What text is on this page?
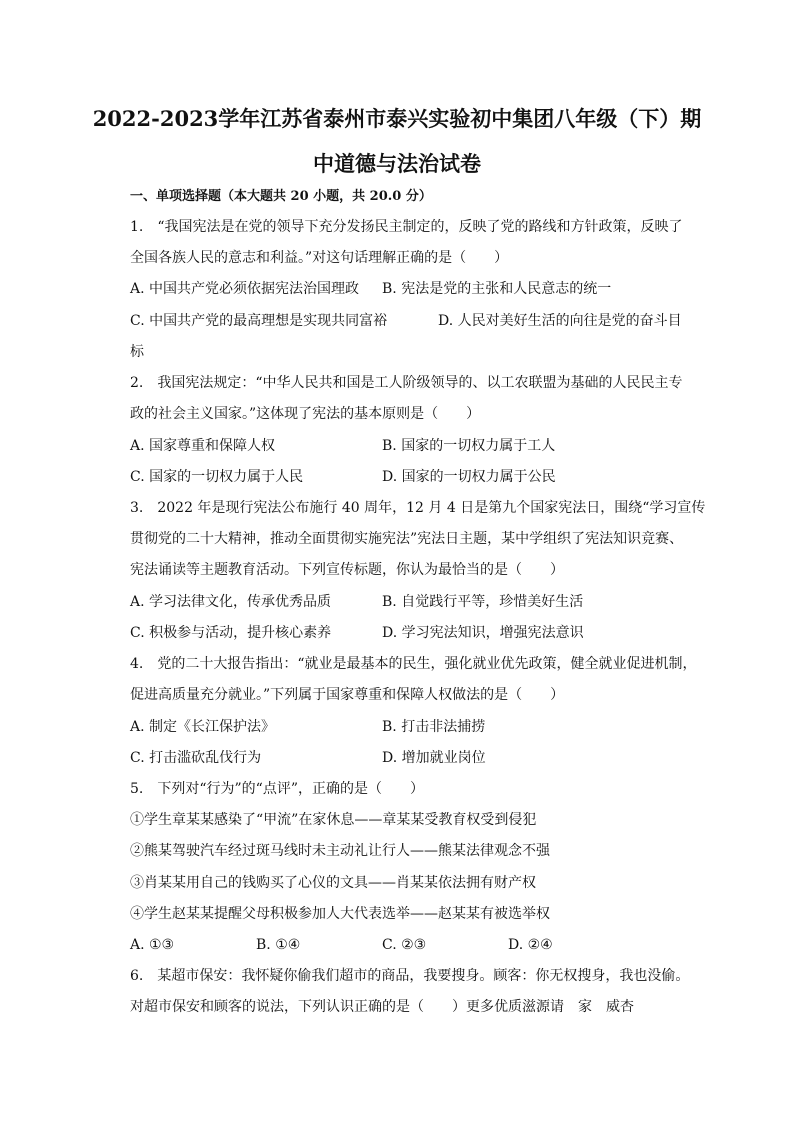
2022-2023学年江苏省泰州市泰兴实验初中集团八年级（下）期
中道德与法治试卷
一、单项选择题（本大题共 20 小题，共 20.0 分）
1.　“我国宪法是在党的领导下充分发扬民主制定的，反映了党的路线和方针政策，反映了
全国各族人民的意志和利益。”对这句话理解正确的是（　　）
A. 中国共产党必须依据宪法治国理政 B. 宪法是党的主张和人民意志的统一
C. 中国共产党的最高理想是实现共同富裕	D. 人民对美好生活的向往是党的奋斗目
标
2.　我国宪法规定：“中华人民共和国是工人阶级领导的、以工农联盟为基础的人民民主专
政的社会主义国家。”这体现了宪法的基本原则是（　　）
A. 国家尊重和保障人权	B. 国家的一切权力属于工人
C. 国家的一切权力属于人民	D. 国家的一切权力属于公民
3.　2022 年是现行宪法公布施行 40 周年，12 月 4 日是第九个国家宪法日，围绕“学习宣传
贯彻党的二十大精神，推动全面贯彻实施宪法”宪法日主题，某中学组织了宪法知识竞赛、
宪法诵读等主题教育活动。下列宣传标题，你认为最恰当的是（　　）
A. 学习法律文化，传承优秀品质	B. 自觉践行平等，珍惜美好生活
C. 积极参与活动，提升核心素养	D. 学习宪法知识，增强宪法意识
4.　党的二十大报告指出：“就业是最基本的民生，强化就业优先政策，健全就业促进机制，
促进高质量充分就业。”下列属于国家尊重和保障人权做法的是（　　）
A. 制定《长江保护法》	B. 打击非法捕捞
C. 打击滥砍乱伐行为	D. 增加就业岗位
5.　下列对“行为”的“点评”，正确的是（　　）
①学生章某某感染了“甲流”在家休息——章某某受教育权受到侵犯
②熊某驾驶汽车经过斑马线时未主动礼让行人——熊某法律观念不强
③肖某某用自己的钱购买了心仪的文具——肖某某依法拥有财产权
④学生赵某某提醒父母积极参加人大代表选举——赵某某有被选举权
A. ①③	B. ①④	C. ②③	D. ②④
6.　某超市保安：我怀疑你偷我们超市的商品，我要搜身。顾客：你无权搜身，我也没偷。
对超市保安和顾客的说法，下列认识正确的是（　　）更多优质滋源请　家　威杏
